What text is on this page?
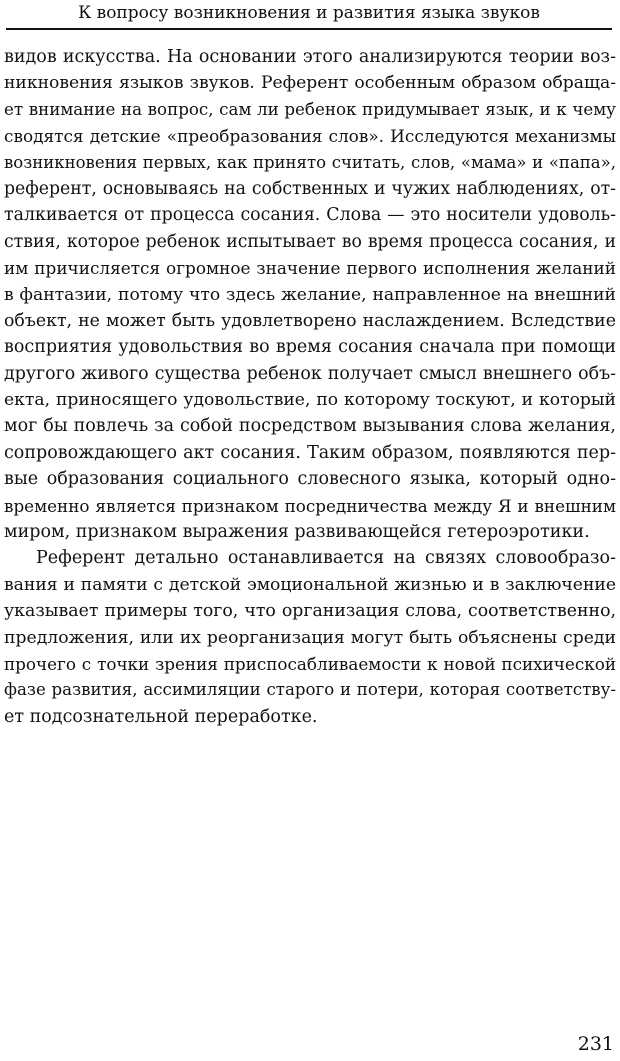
К вопросу возникновения и развития языка звуков
видов искусства. На основании этого анализируются теории воз-
никновения языков звуков. Референт особенным образом обращa-
ет внимание на вопрос, сам ли ребенок придумывает язык, и к чему
сводятся детские «преобразования слов». Исследуются механизмы
возникновения первых, как принято считать, слов, «мама» и «папа»,
референт, основываясь на собственных и чужих наблюдениях, от-
талкивается от процесса сосания. Слова — это носители удоволь-
ствия, которое ребенок испытывает во время процесса сосания, и
им причисляется огромное значение первого исполнения желаний
в фантазии, потому что здесь желание, направленное на внешний
объект, не может быть удовлетворено наслаждением. Вследствие
восприятия удовольствия во время сосания сначала при помощи
другого живого существа ребенок получает смысл внешнего объ-
екта, приносящего удовольствие, по которому тоскуют, и который
мог бы повлечь за собой посредством вызывания слова желания,
сопровождающего акт сосания. Таким образом, появляются пер-
вые образования социального словесного языка, который одно-
временно является признаком посредничества между Я и внешним
миром, признаком выражения развивающейся гетероэротики.
Референт детально останавливается на связях словообразо-
вания и памяти с детской эмоциональной жизнью и в заключение
указывает примеры того, что организация слова, соответственно,
предложения, или их реорганизация могут быть объяснены среди
прочего с точки зрения приспосабливаемости к новой психической
фазе развития, ассимиляции старого и потери, которая соответству-
ет подсознательной переработке.
231
